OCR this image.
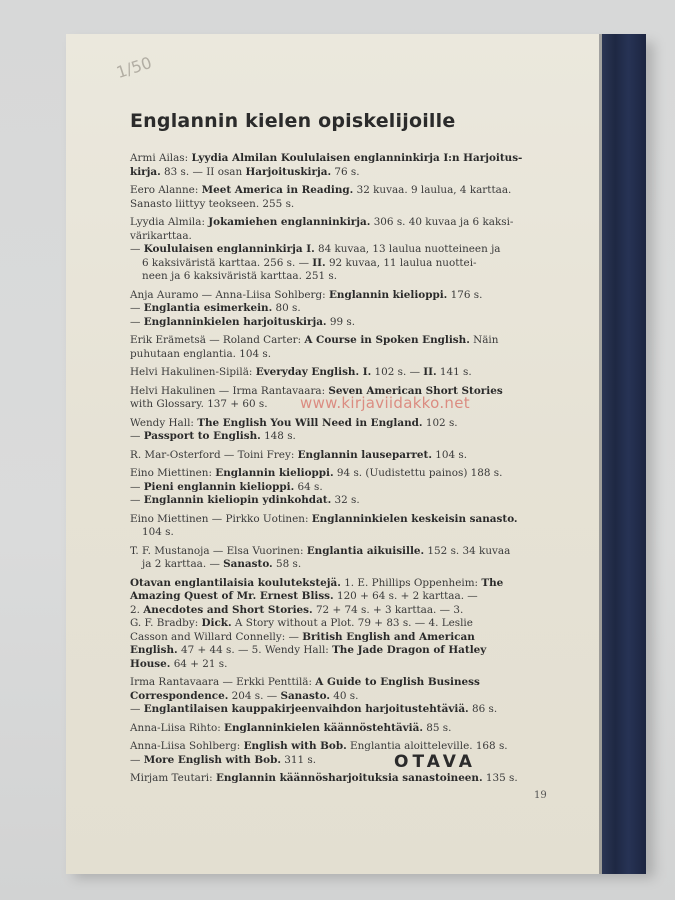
1/50
Englannin kielen opiskelijoille
Armi Ailas: Lyydia Almilan Koululaisen englanninkirja I:n Harjoitus-
kirja. 83 s. — II osan Harjoituskirja. 76 s.
Eero Alanne: Meet America in Reading. 32 kuvaa. 9 laulua, 4 karttaa.
Sanasto liittyy teokseen. 255 s.
Lyydia Almila: Jokamiehen englanninkirja. 306 s. 40 kuvaa ja 6 kaksi-
värikarttaa.
— Koululaisen englanninkirja I. 84 kuvaa, 13 laulua nuotteineen ja
6 kaksiväristä karttaa. 256 s. — II. 92 kuvaa, 11 laulua nuottei-
neen ja 6 kaksiväristä karttaa. 251 s.
Anja Auramo — Anna-Liisa Sohlberg: Englannin kielioppi. 176 s.
— Englantia esimerkein. 80 s.
— Englanninkielen harjoituskirja. 99 s.
Erik Erämetsä — Roland Carter: A Course in Spoken English. Näin
puhutaan englantia. 104 s.
Helvi Hakulinen-Sipilä: Everyday English. I. 102 s. — II. 141 s.
Helvi Hakulinen — Irma Rantavaara: Seven American Short Stories
with Glossary. 137 + 60 s.
Wendy Hall: The English You Will Need in England. 102 s.
— Passport to English. 148 s.
R. Mar-Osterford — Toini Frey: Englannin lauseparret. 104 s.
Eino Miettinen: Englannin kielioppi. 94 s. (Uudistettu painos) 188 s.
— Pieni englannin kielioppi. 64 s.
— Englannin kieliopin ydinkohdat. 32 s.
Eino Miettinen — Pirkko Uotinen: Englanninkielen keskeisin sanasto.
104 s.
T. F. Mustanoja — Elsa Vuorinen: Englantia aikuisille. 152 s. 34 kuvaa
ja 2 karttaa. — Sanasto. 58 s.
Otavan englantilaisia koulutekstejä. 1. E. Phillips Oppenheim: The
Amazing Quest of Mr. Ernest Bliss. 120 + 64 s. + 2 karttaa. —
2. Anecdotes and Short Stories. 72 + 74 s. + 3 karttaa. — 3.
G. F. Bradby: Dick. A Story without a Plot. 79 + 83 s. — 4. Leslie
Casson and Willard Connelly: — British English and American
English. 47 + 44 s. — 5. Wendy Hall: The Jade Dragon of Hatley
House. 64 + 21 s.
Irma Rantavaara — Erkki Penttilä: A Guide to English Business
Correspondence. 204 s. — Sanasto. 40 s.
— Englantilaisen kauppakirjeenvaihdon harjoitustehtäviä. 86 s.
Anna-Liisa Rihto: Englanninkielen käännöstehtäviä. 85 s.
Anna-Liisa Sohlberg: English with Bob. Englantia aloitteleville. 168 s.
— More English with Bob. 311 s.
Mirjam Teutari: Englannin käännösharjoituksia sanastoineen. 135 s.
www.kirjaviidakko.net
OTAVA
19
